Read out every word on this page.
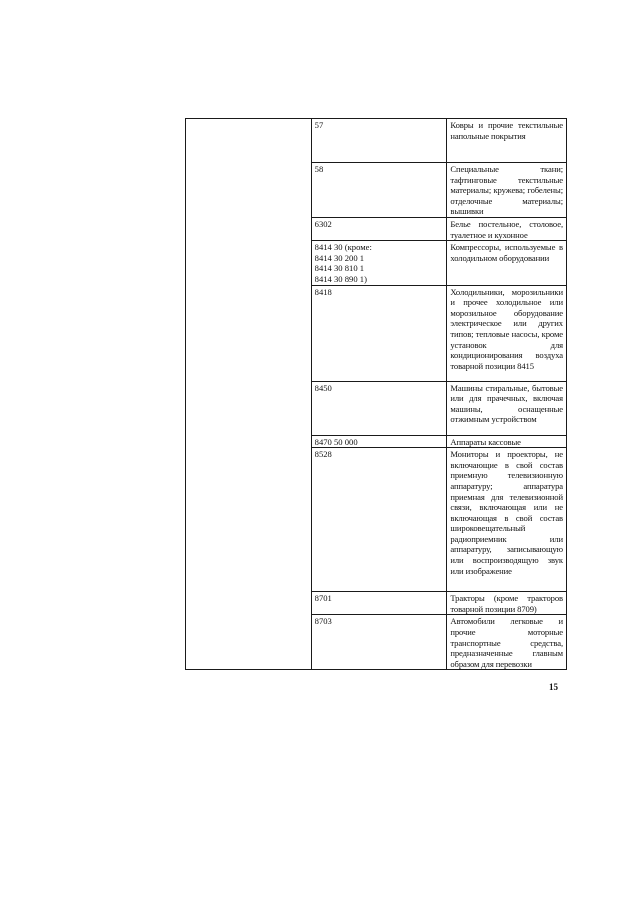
	57	Ковры и прочие текстильные напольные покрытия

	58	Специальные ткани; тафтинговые текстильные материалы; кружева; гобелены; отделочные материалы; вышивки

	6302	Белье постельное, столовое, туалетное и кухонное

	8414 30 (кроме:
8414 30 200 1
8414 30 810 1
8414 30 890 1)	Компрессоры, используемые в холодильном оборудовании

	8418	Холодильники, морозильники и прочее холодильное или морозильное оборудование электрическое или других типов; тепловые насосы, кроме установок для кондиционирования воздуха товарной позиции 8415

	8450	Машины стиральные, бытовые или для прачечных, включая машины, оснащенные отжимным устройством

	8470 50 000	Аппараты кассовые

	8528	Мониторы и проекторы, не включающие в свой состав приемную телевизионную аппаратуру; аппаратура приемная для телевизионной связи, включающая или не включающая в свой состав широковещательный радиоприемник или аппаратуру, записывающую или воспроизводящую звук или изображение

	8701	Тракторы (кроме тракторов товарной позиции 8709)

	8703	Автомобили легковые и прочие моторные транспортные средства, предназначенные главным образом для перевозки
15
